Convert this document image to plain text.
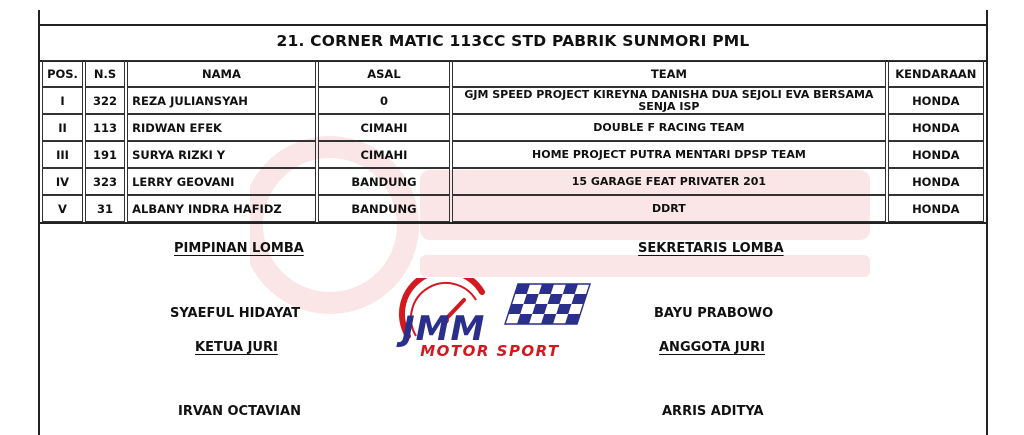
21. CORNER MATIC 113CC STD PABRIK SUNMORI PML
POS.	N.S	NAMA	ASAL	TEAM	KENDARAAN
I	322	REZA JULIANSYAH	0	GJM SPEED PROJECT KIREYNA DANISHA DUA SEJOLI EVA BERSAMA SENJA ISP	HONDA
II	113	RIDWAN EFEK	CIMAHI	DOUBLE F RACING TEAM	HONDA
III	191	SURYA RIZKI Y	CIMAHI	HOME PROJECT PUTRA MENTARI DPSP TEAM	HONDA
IV	323	LERRY GEOVANI	BANDUNG	15 GARAGE FEAT PRIVATER 201	HONDA
V	31	ALBANY INDRA HAFIDZ	BANDUNG	DDRT	HONDA
PIMPINAN LOMBA	SEKRETARIS LOMBA
SYAEFUL HIDAYAT	BAYU PRABOWO
KETUA JURI	ANGGOTA JURI
IRVAN OCTAVIAN	ARRIS ADITYA
JMM
MOTOR SPORT
